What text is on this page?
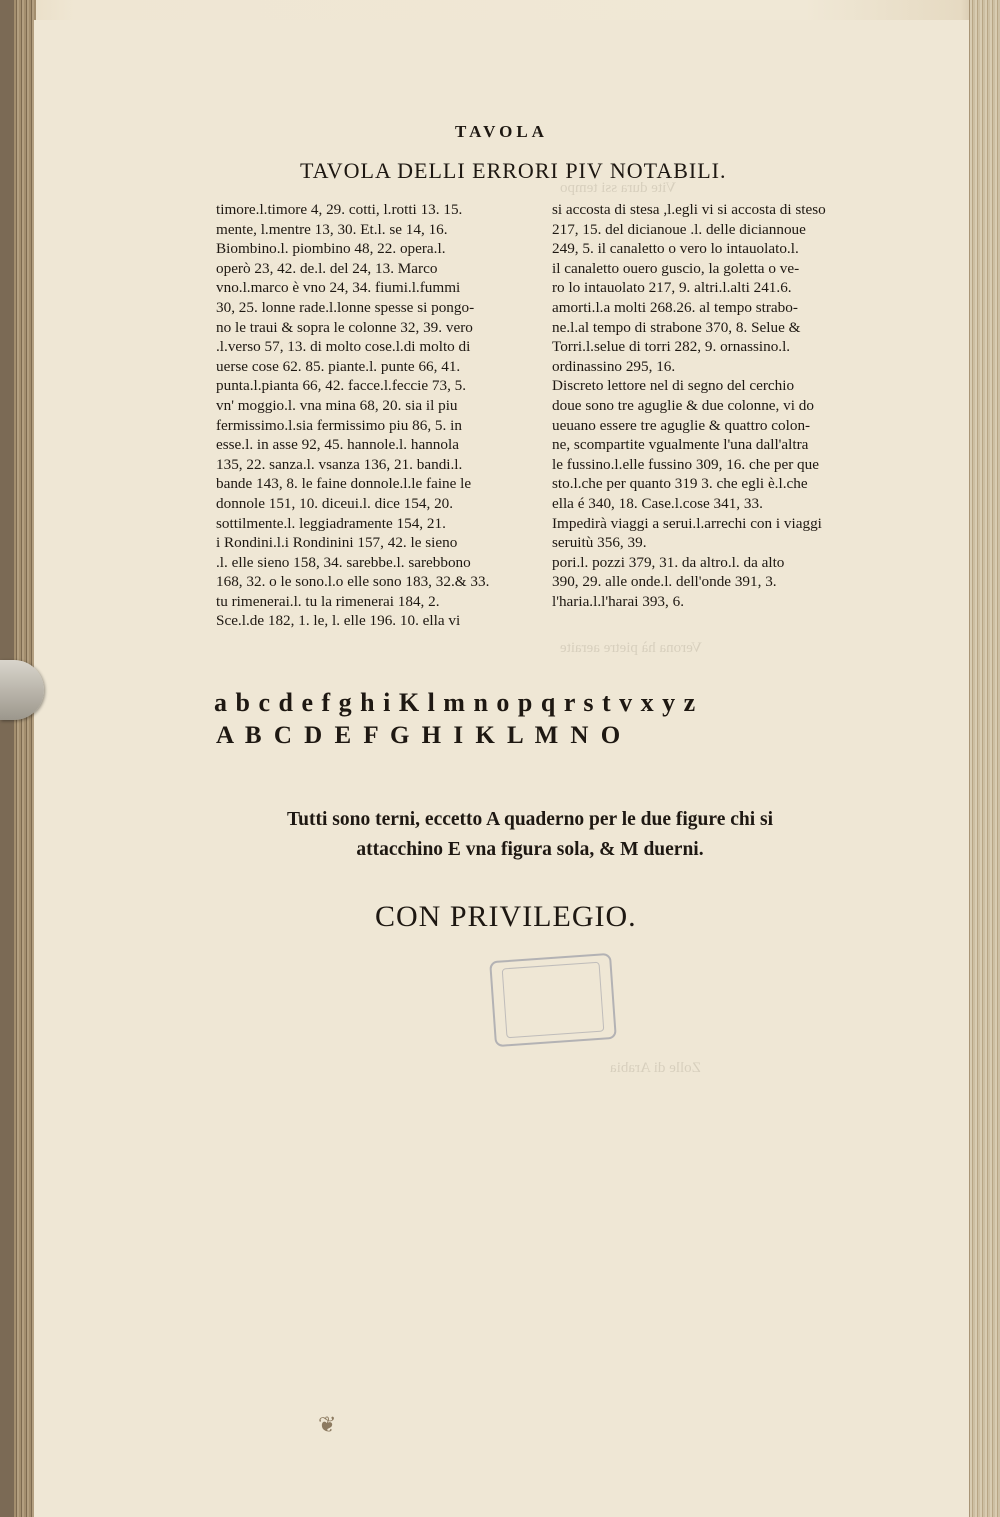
Vite dura ssi tempo
Verona hà pietre aeraite
Zolle di Arabia
TAVOLA
TAVOLA DELLI ERRORI PIV NOTABILI.
timore.l.timore 4, 29. cotti, l.rotti 13. 15.
mente, l.mentre 13, 30. Et.l. se 14, 16.
Biombino.l. piombino 48, 22. opera.l.
operò 23, 42. de.l. del 24, 13. Marco
vno.l.marco è vno 24, 34. fiumi.l.fummi
30, 25. lonne rade.l.lonne spesse si pongo-
no le traui & sopra le colonne 32, 39. vero
.l.verso 57, 13. di molto cose.l.di molto di
uerse cose 62. 85. piante.l. punte 66, 41.
punta.l.pianta 66, 42. facce.l.feccie 73, 5.
vn' moggio.l. vna mina 68, 20. sia il piu
fermissimo.l.sia fermissimo piu 86, 5. in
esse.l. in asse 92, 45. hannole.l. hannola
135, 22. sanza.l. vsanza 136, 21. bandi.l.
bande 143, 8. le faine donnole.l.le faine le
donnole 151, 10. diceui.l. dice 154, 20.
sottilmente.l. leggiadramente 154, 21.
i Rondini.l.i Rondinini 157, 42. le sieno
.l. elle sieno 158, 34. sarebbe.l. sarebbono
168, 32. o le sono.l.o elle sono 183, 32.& 33.
tu rimenerai.l. tu la rimenerai 184, 2.
Sce.l.de 182, 1. le, l. elle 196. 10. ella vi
si accosta di stesa ,l.egli vi si accosta di steso
217, 15. del dicianoue .l. delle diciannoue
249, 5. il canaletto o vero lo intauolato.l.
il canaletto ouero guscio, la goletta o ve-
ro lo intauolato 217, 9. altri.l.alti 241.6.
amorti.l.a molti 268.26. al tempo strabo-
ne.l.al tempo di strabone 370, 8. Selue &
Torri.l.selue di torri 282, 9. ornassino.l.
ordinassino 295, 16.
Discreto lettore nel di segno del cerchio
doue sono tre aguglie & due colonne, vi do
ueuano essere tre aguglie & quattro colon-
ne, scompartite vgualmente l'una dall'altra
le fussino.l.elle fussino 309, 16. che per que
sto.l.che per quanto 319 3. che egli è.l.che
ella é 340, 18. Case.l.cose 341, 33.
Impedirà viaggi a serui.l.arrechi con i viaggi
seruitù 356, 39.
pori.l. pozzi 379, 31. da altro.l. da alto
390, 29. alle onde.l. dell'onde 391, 3.
l'haria.l.l'harai 393, 6.
a b c d e f g h i K l m n o p q r s t v x y z
A B C D E F G H I K L M N O
Tutti sono terni, eccetto A quaderno per le due figure chi si
attacchino E vna figura sola, & M duerni.
CON PRIVILEGIO.
❦
